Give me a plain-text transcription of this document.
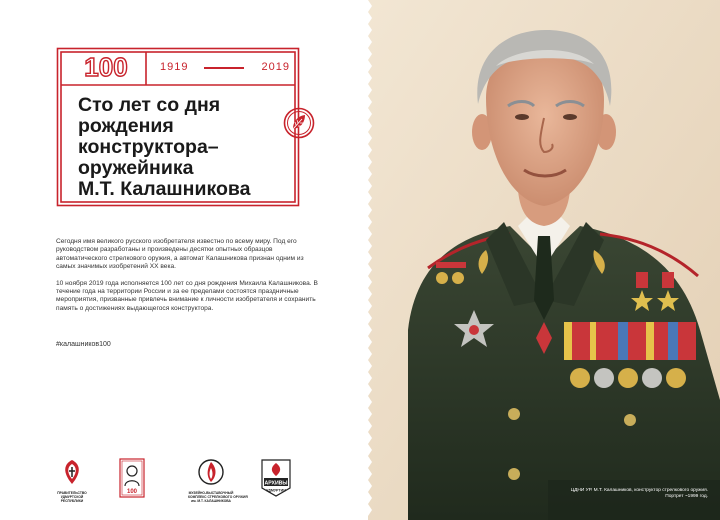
100	1919	2019
Сто лет со дня
рождения
конструктора–
оружейника
М.Т. Калашникова

Сегодня имя великого русского изобретателя известно по всему миру. Под его руководством разработаны и произведены десятки опытных образцов автоматического стрелкового оружия, а автомат Калашникова признан одним из самых значимых изобретений ХХ века.

10 ноября 2019 года исполняется 100 лет со дня рождения Михаила Калашникова. В течение года на территории России и за ее пределами состоятся праздничные мероприятия, призванные привлечь внимание к личности изобретателя и сохранить память о достижениях выдающегося конструктора.

#калашников100
ПРАВИТЕЛЬСТВО
УДМУРТСКОЙ
РЕСПУБЛИКИ
100	МУЗЕЙНО-ВЫСТАВОЧНЫЙ
КОМПЛЕКС СТРЕЛКОВОГО ОРУЖИЯ
им. М.Т. КАЛАШНИКОВА
АРХИВЫ
УДМУРТИИ	ЦДНИ УР. М.Т. Калашников, конструктор стрелкового оружия. Портрет ~1999 год.
